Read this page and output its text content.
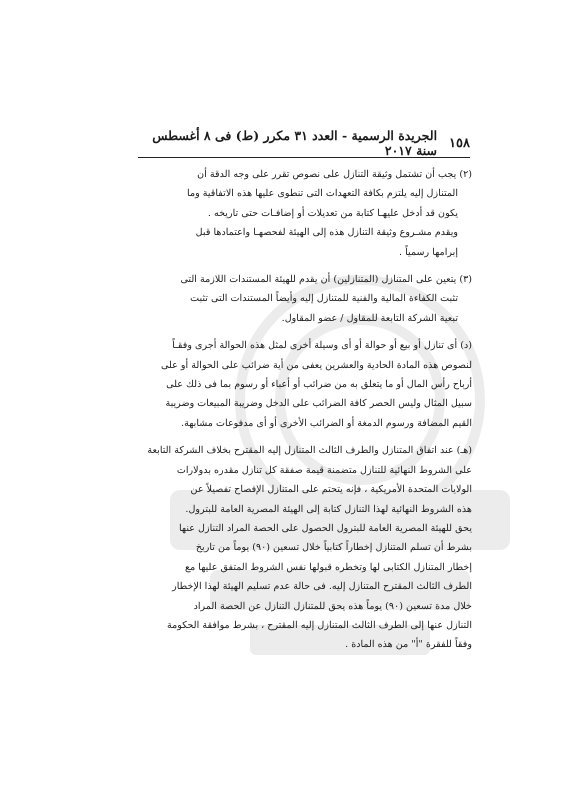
١٥٨
الجريدة الرسمية - العدد ٣١ مكرر (ط) فى ٨ أغسطس سنة ٢٠١٧
(٢) يجب أن تشتمل وثيقة التنازل على نصوص تقرر على وجه الدقة أن
المتنازل إليه يلتزم بكافة التعهدات التى تنطوى عليها هذه الاتفاقية وما
يكون قد أدخل عليهـا كتابة من تعديلات أو إضافـات حتى تاريخه .
ويقدم مشـروع وثيقة التنازل هذه إلى الهيئة لفحصهـا واعتمادها قبل
إبرامها رسمياً .
(٣) يتعين على المتنازل (المتنازلين) أن يقدم للهيئة المستندات اللازمة التى
تثبت الكفاءة المالية والفنية للمتنازل إليه وأيضاً المستندات التى تثبت
تبعية الشركة التابعة للمقاول / عضو المقاول.
(د) أى تنازل أو بيع أو حوالة أو أى وسيلة أخرى لمثل هذه الحوالة أجرى وفقـاً
لنصوص هذه المادة الحادية والعشرين يعفى من أية ضرائب على الحوالة أو على
أرباح رأس المال أو ما يتعلق به من ضرائب أو أعباء أو رسوم بما فى ذلك على
سبيل المثال وليس الحصر كافة الضرائب على الدخل وضريبة المبيعات وضريبة
القيم المضافة ورسوم الدمغة أو الضرائب الأخرى أو أى مدفوعات مشابهة.
(هـ) عند اتفاق المتنازل والطرف الثالث المتنازل إليه المقترح بخلاف الشركة التابعة
على الشروط النهائية للتنازل متضمنة قيمة صفقة كل تنازل مقدره بدولارات
الولايات المتحدة الأمريكية ، فإنه يتحتم على المتنازل الإفصاح تفصيلاً عن
هذه الشروط النهائية لهذا التنازل كتابة إلى الهيئة المصرية العامة للبترول.
يحق للهيئة المصرية العامة للبترول الحصول على الحصة المراد التنازل عنها
بشرط أن تسلم المتنازل إخطاراً كتابياً خلال تسعين (٩٠) يوماً من تاريخ
إخطار المتنازل الكتابى لها وتخطره قبولها نفس الشروط المتفق عليها مع
الطرف الثالث المقترح المتنازل إليه. فى حالة عدم تسليم الهيئة لهذا الإخطار
خلال مدة تسعين (٩٠) يوماً هذه يحق للمتنازل التنازل عن الحصة المراد
التنازل عنها إلى الطرف الثالث المتنازل إليه المقترح ، بشرط موافقة الحكومة
وفقاً للفقرة "أ" من هذه المادة .
